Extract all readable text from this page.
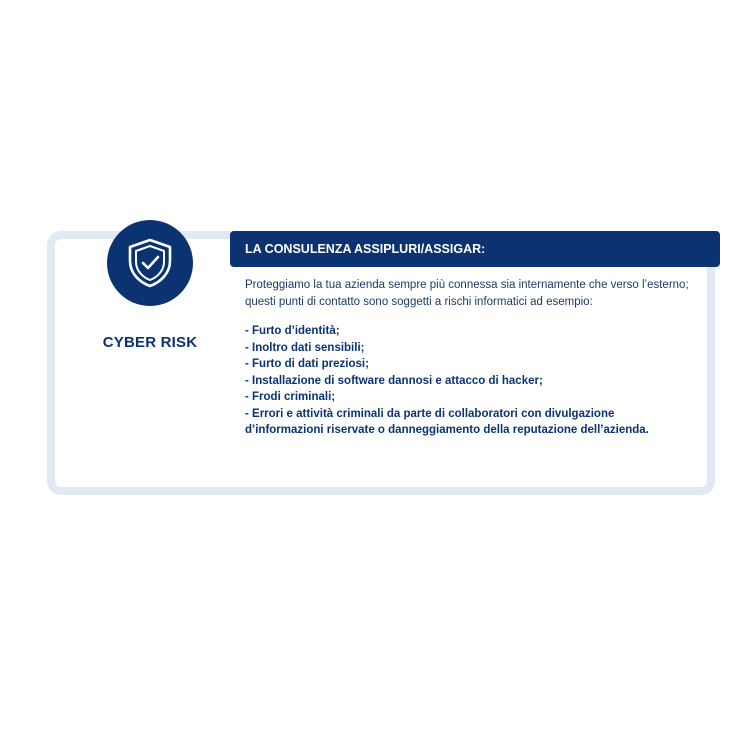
CYBER RISK
LA CONSULENZA ASSIPLURI/ASSIGAR:

Proteggiamo la tua azienda sempre più connessa sia internamente che verso l’esterno; questi punti di contatto sono soggetti a rischi informatici ad esempio:

- Furto d’identità;
- Inoltro dati sensibili;
- Furto di dati preziosi;
- Installazione di software dannosi e attacco di hacker;
- Frodi criminali;
- Errori e attività criminali da parte di collaboratori con divulgazione d’informazioni riservate o danneggiamento della reputazione dell’azienda.
